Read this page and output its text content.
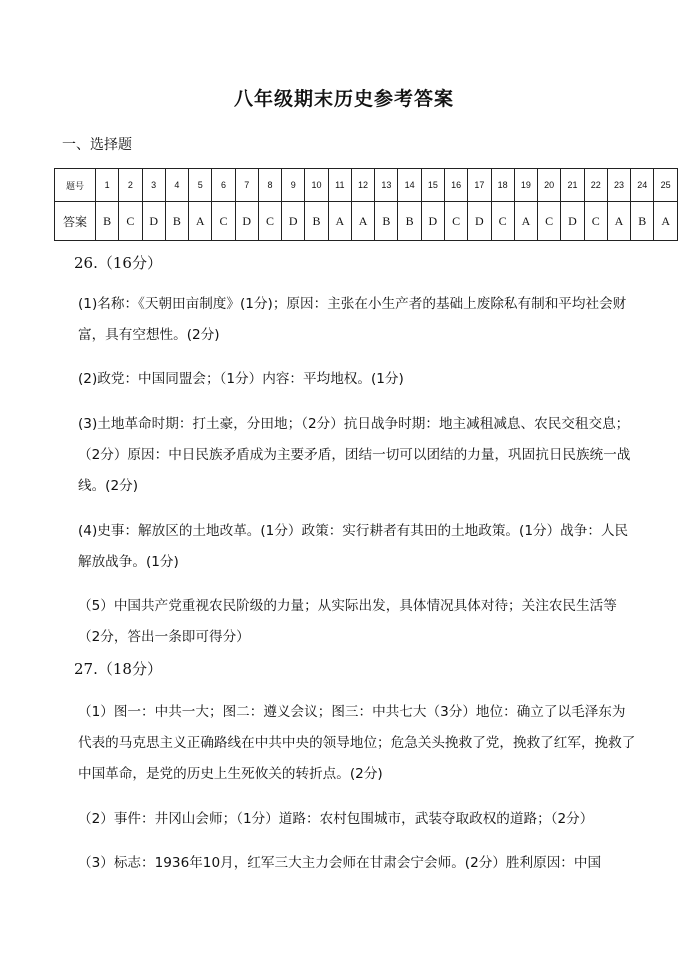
八年级期末历史参考答案
一、选择题
题号	1	2	3	4	5	6	7	8	9	10	11	12	13	14	15	16	17	18	19	20	21	22	23	24	25
答案	B	C	D	B	A	C	D	C	D	B	A	A	B	B	D	C	D	C	A	C	D	C	A	B	A
26.（16分）
(1)名称：《天朝田亩制度》(1分)；原因：主张在小生产者的基础上废除私有制和平均社会财富，具有空想性。(2分)
(2)政党：中国同盟会；（1分）内容：平均地权。(1分)
(3)土地革命时期：打土豪，分田地；（2分）抗日战争时期：地主减租减息、农民交租交息；（2分）原因：中日民族矛盾成为主要矛盾，团结一切可以团结的力量，巩固抗日民族统一战线。(2分)
(4)史事：解放区的土地改革。(1分）政策：实行耕者有其田的土地政策。(1分）战争：人民解放战争。(1分)
（5）中国共产党重视农民阶级的力量；从实际出发，具体情况具体对待；关注农民生活等（2分，答出一条即可得分）
27.（18分）
（1）图一：中共一大；图二：遵义会议；图三：中共七大（3分）地位：确立了以毛泽东为代表的马克思主义正确路线在中共中央的领导地位；危急关头挽救了党，挽救了红军，挽救了中国革命，是党的历史上生死攸关的转折点。(2分)
（2）事件：井冈山会师；（1分）道路：农村包围城市，武装夺取政权的道路；（2分）
（3）标志：1936年10月，红军三大主力会师在甘肃会宁会师。(2分）胜利原因：中国
